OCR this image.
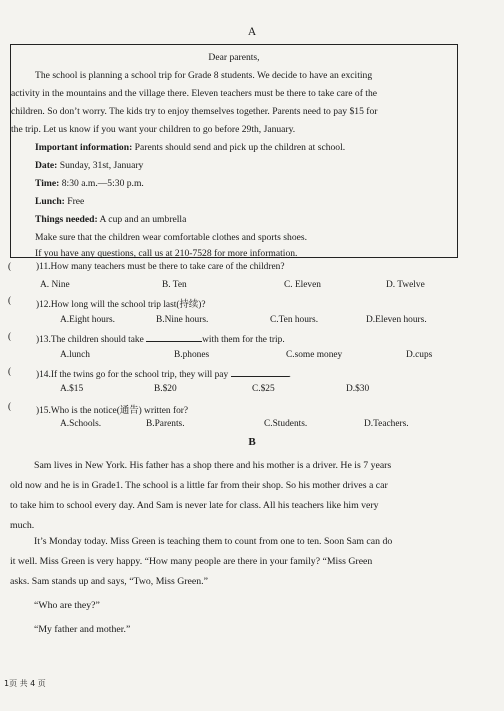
A
Dear parents,
The school is planning a school trip for Grade 8 students. We decide to have an exciting
activity in the mountains and the village there. Eleven teachers must be there to take care of the
children. So don’t worry. The kids try to enjoy themselves together. Parents need to pay $15 for
the trip. Let us know if you want your children to go before 29th, January.
Important information: Parents should send and pick up the children at school.
Date: Sunday, 31st, January
Time: 8:30 a.m.—5:30 p.m.
Lunch: Free
Things needed: A cup and an umbrella
Make sure that the children wear comfortable clothes and sports shoes.
If you have any questions, call us at 210-7528 for more information.
(	)11.How many teachers must be there to take care of the children?
A. Nine	B. Ten	C. Eleven	D. Twelve
(	)12.How long will the school trip last(持续)?
A.Eight hours.	B.Nine hours.	C.Ten hours.	D.Eleven hours.
(	)13.The children should take	with them for the trip.
A.lunch	B.phones	C.some money	D.cups
(	)14.If the twins go for the school trip, they will pay	.
A.$15	B.$20	C.$25	D.$30
(	)15.Who is the notice(通告) written for?
A.Schools.	B.Parents.	C.Students.	D.Teachers.
B
Sam lives in New York. His father has a shop there and his mother is a driver. He is 7 years
old now and he is in Grade1. The school is a little far from their shop. So his mother drives a car
to take him to school every day. And Sam is never late for class. All his teachers like him very
much.
It’s Monday today. Miss Green is teaching them to count from one to ten. Soon Sam can do
it well. Miss Green is very happy. “How many people are there in your family? “Miss Green
asks. Sam stands up and says, “Two, Miss Green.”
“Who are they?”
“My father and mother.”
1页 共 4 页
